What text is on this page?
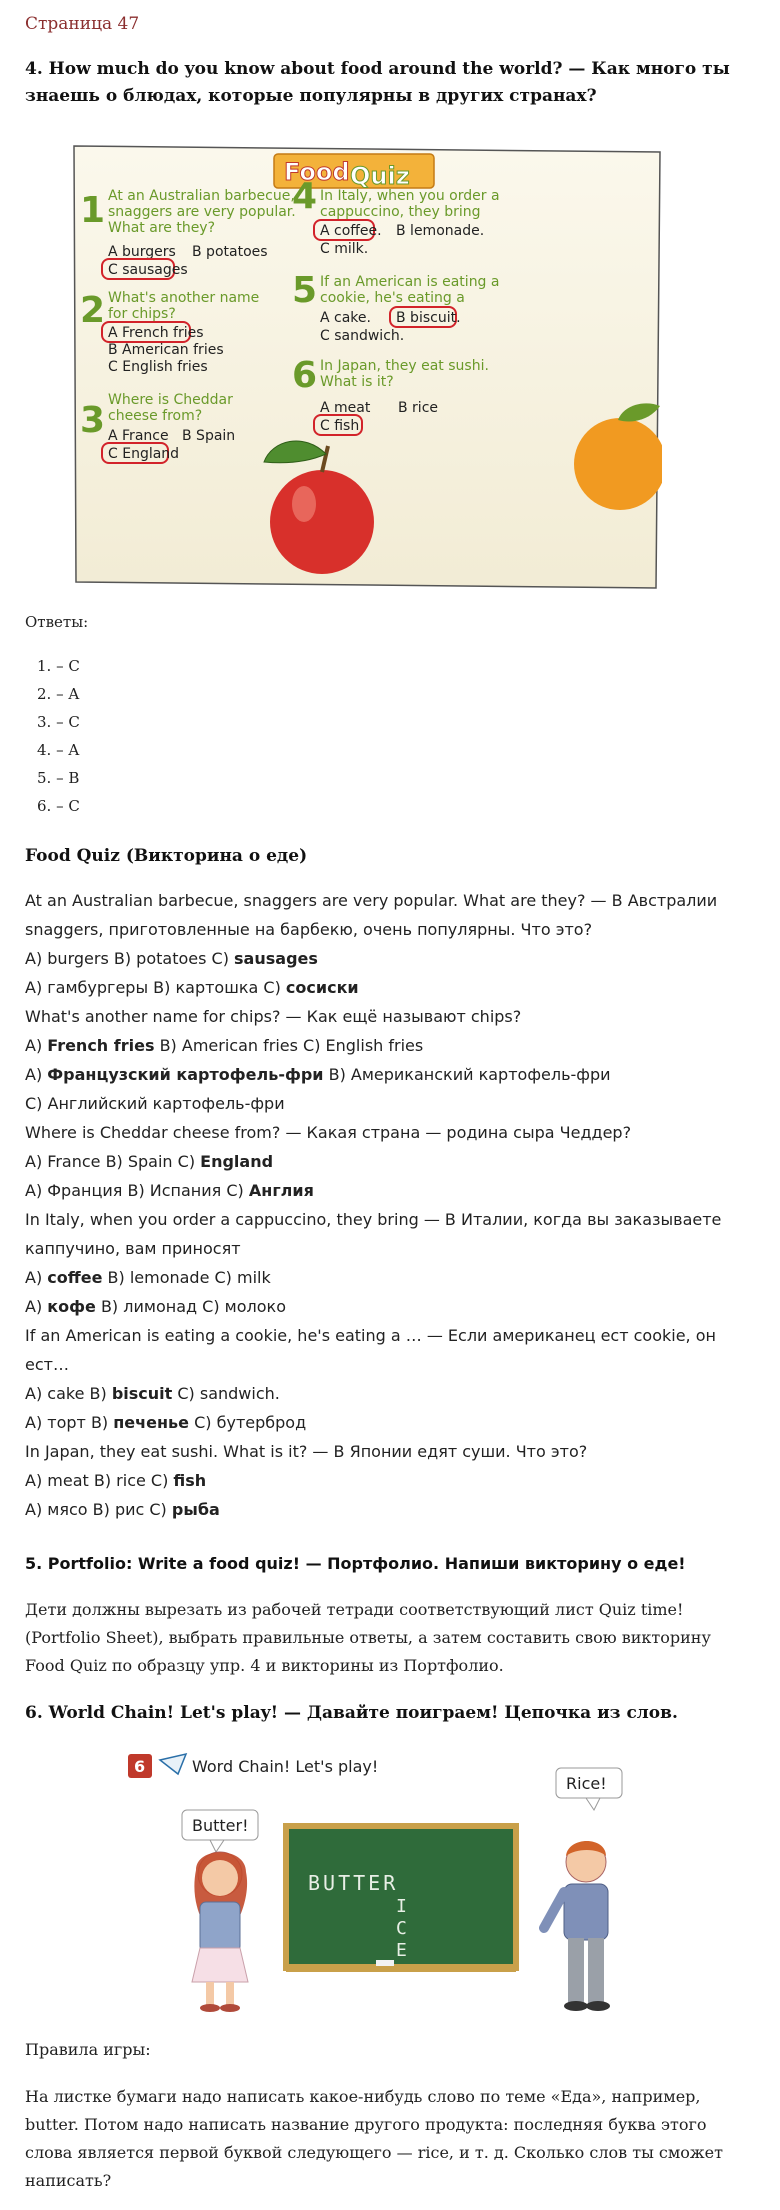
Страница 47
4. How much do you know about food around the world? — Как много ты
знаешь о блюдах, которые популярны в других странах?
Food Quiz
1 At an Australian barbecue,
snaggers are very popular.
What are they?
A burgers B potatoes
C sausages
2 What's another name
for chips?
A French fries
B American fries
C English fries
3 Where is Cheddar
cheese from?
A France B Spain
C England
4 In Italy, when you order a
cappuccino, they bring
A coffee. B lemonade.
C milk.
5 If an American is eating a
cookie, he's eating a
A cake. B biscuit.
C sandwich.
6 In Japan, they eat sushi.
What is it?
A meat B rice
C fish
Ответы:
1. – C
2. – A
3. – C
4. – A
5. – B
6. – C
Food Quiz (Викторина о еде)
At an Australian barbecue, snaggers are very popular. What are they? — В Австралии
snaggers, приготовленные на барбекю, очень популярны. Что это?
A) burgers B) potatoes C) sausages
A) гамбургеры B) картошка C) сосиски
What's another name for chips? — Как ещё называют chips?
A) French fries B) American fries C) English fries
A) Французский картофель-фри B) Американский картофель-фри
C) Английский картофель-фри
Where is Cheddar cheese from? — Какая страна — родина сыра Чеддер?
A) France B) Spain C) England
A) Франция B) Испания C) Англия
In Italy, when you order a cappuccino, they bring — В Италии, когда вы заказываете
каппучино, вам приносят
A) coffee B) lemonade C) milk
A) кофе B) лимонад C) молоко
If an American is eating a cookie, he's eating a … — Если американец ест cookie, он
ест…
A) cake B) biscuit C) sandwich.
A) торт B) печенье C) бутерброд
In Japan, they eat sushi. What is it? — В Японии едят суши. Что это?
A) meat B) rice C) fish
A) мясо B) рис C) рыба
5. Portfolio: Write a food quiz! — Портфолио. Напиши викторину о еде!
Дети должны вырезать из рабочей тетради соответствующий лист Quiz time!
(Portfolio Sheet), выбрать правильные ответы, а затем составить свою викторину
Food Quiz по образцу упр. 4 и викторины из Портфолио.
6. World Chain! Let's play! — Давайте поиграем! Цепочка из слов.
6	Word Chain! Let's play!
Butter!
Rice!
BUTTER
I
C
E
Правила игры:
На листке бумаги надо написать какое-нибудь слово по теме «Еда», например,
butter. Потом надо написать название другого продукта: последняя буква этого
слова является первой буквой следующего — rice, и т. д. Сколько слов ты сможет
написать?
